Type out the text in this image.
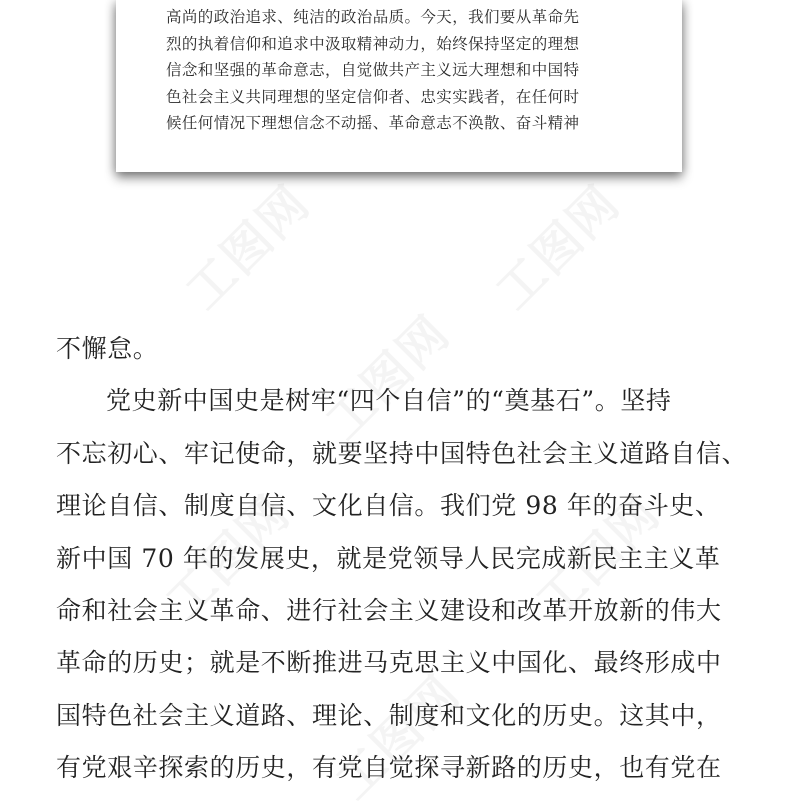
高尚的政治追求、纯洁的政治品质。今天，我们要从革命先
烈的执着信仰和追求中汲取精神动力，始终保持坚定的理想
信念和坚强的革命意志，自觉做共产主义远大理想和中国特
色社会主义共同理想的坚定信仰者、忠实实践者，在任何时
候任何情况下理想信念不动摇、革命意志不涣散、奋斗精神
不懈怠。
党史新中国史是树牢“四个自信”的“奠基石”。坚持
不忘初心、牢记使命，就要坚持中国特色社会主义道路自信、
理论自信、制度自信、文化自信。我们党 98 年的奋斗史、
新中国 70 年的发展史，就是党领导人民完成新民主主义革
命和社会主义革命、进行社会主义建设和改革开放新的伟大
革命的历史；就是不断推进马克思主义中国化、最终形成中
国特色社会主义道路、理论、制度和文化的历史。这其中，
有党艰辛探索的历史，有党自觉探寻新路的历史，也有党在
